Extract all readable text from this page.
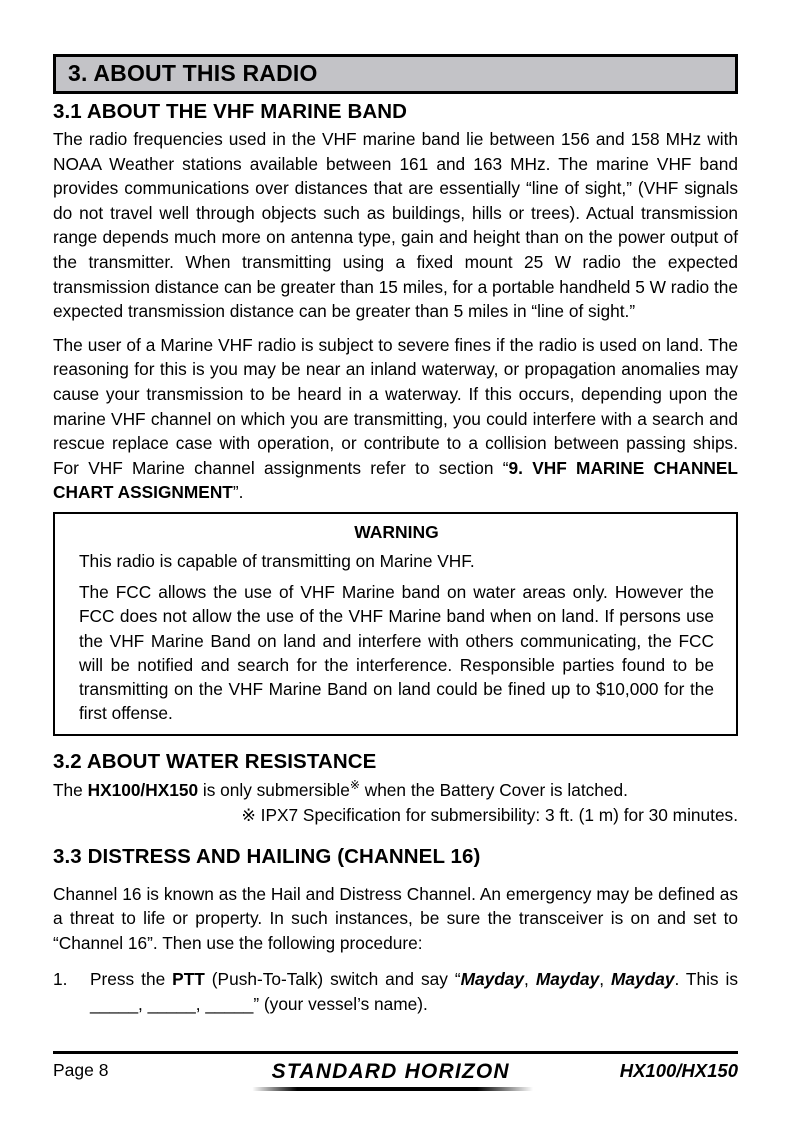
3. ABOUT THIS RADIO
3.1 ABOUT THE VHF MARINE BAND

The radio frequencies used in the VHF marine band lie between 156 and 158 MHz with NOAA Weather stations available between 161 and 163 MHz. The marine VHF band provides communications over distances that are essentially “line of sight,” (VHF signals do not travel well through objects such as buildings, hills or trees). Actual transmission range depends much more on antenna type, gain and height than on the power output of the transmitter. When transmitting using a fixed mount 25 W radio the expected transmission distance can be greater than 15 miles, for a portable handheld 5 W radio the expected transmission distance can be greater than 5 miles in “line of sight.”

The user of a Marine VHF radio is subject to severe fines if the radio is used on land. The reasoning for this is you may be near an inland waterway, or propagation anomalies may cause your transmission to be heard in a waterway. If this occurs, depending upon the marine VHF channel on which you are transmitting, you could interfere with a search and rescue replace case with operation, or contribute to a collision between passing ships. For VHF Marine channel assignments refer to section “9. VHF MARINE CHANNEL CHART ASSIGNMENT”.

WARNING

This radio is capable of transmitting on Marine VHF.

The FCC allows the use of VHF Marine band on water areas only. However the FCC does not allow the use of the VHF Marine band when on land. If persons use the VHF Marine Band on land and interfere with others communicating, the FCC will be notified and search for the interference. Responsible parties found to be transmitting on the VHF Marine Band on land could be fined up to $10,000 for the first offense.

3.2 ABOUT WATER RESISTANCE

The HX100/HX150 is only submersible※ when the Battery Cover is latched.

※ IPX7 Specification for submersibility: 3 ft. (1 m) for 30 minutes.

3.3 DISTRESS AND HAILING (CHANNEL 16)

Channel 16 is known as the Hail and Distress Channel. An emergency may be defined as a threat to life or property. In such instances, be sure the transceiver is on and set to “Channel 16”. Then use the following procedure:

1.	Press the PTT (Push-To-Talk) switch and say “Mayday, Mayday, Mayday. This is _____, _____, _____” (your vessel’s name).
Page 8	STANDARD HORIZON	HX100/HX150
